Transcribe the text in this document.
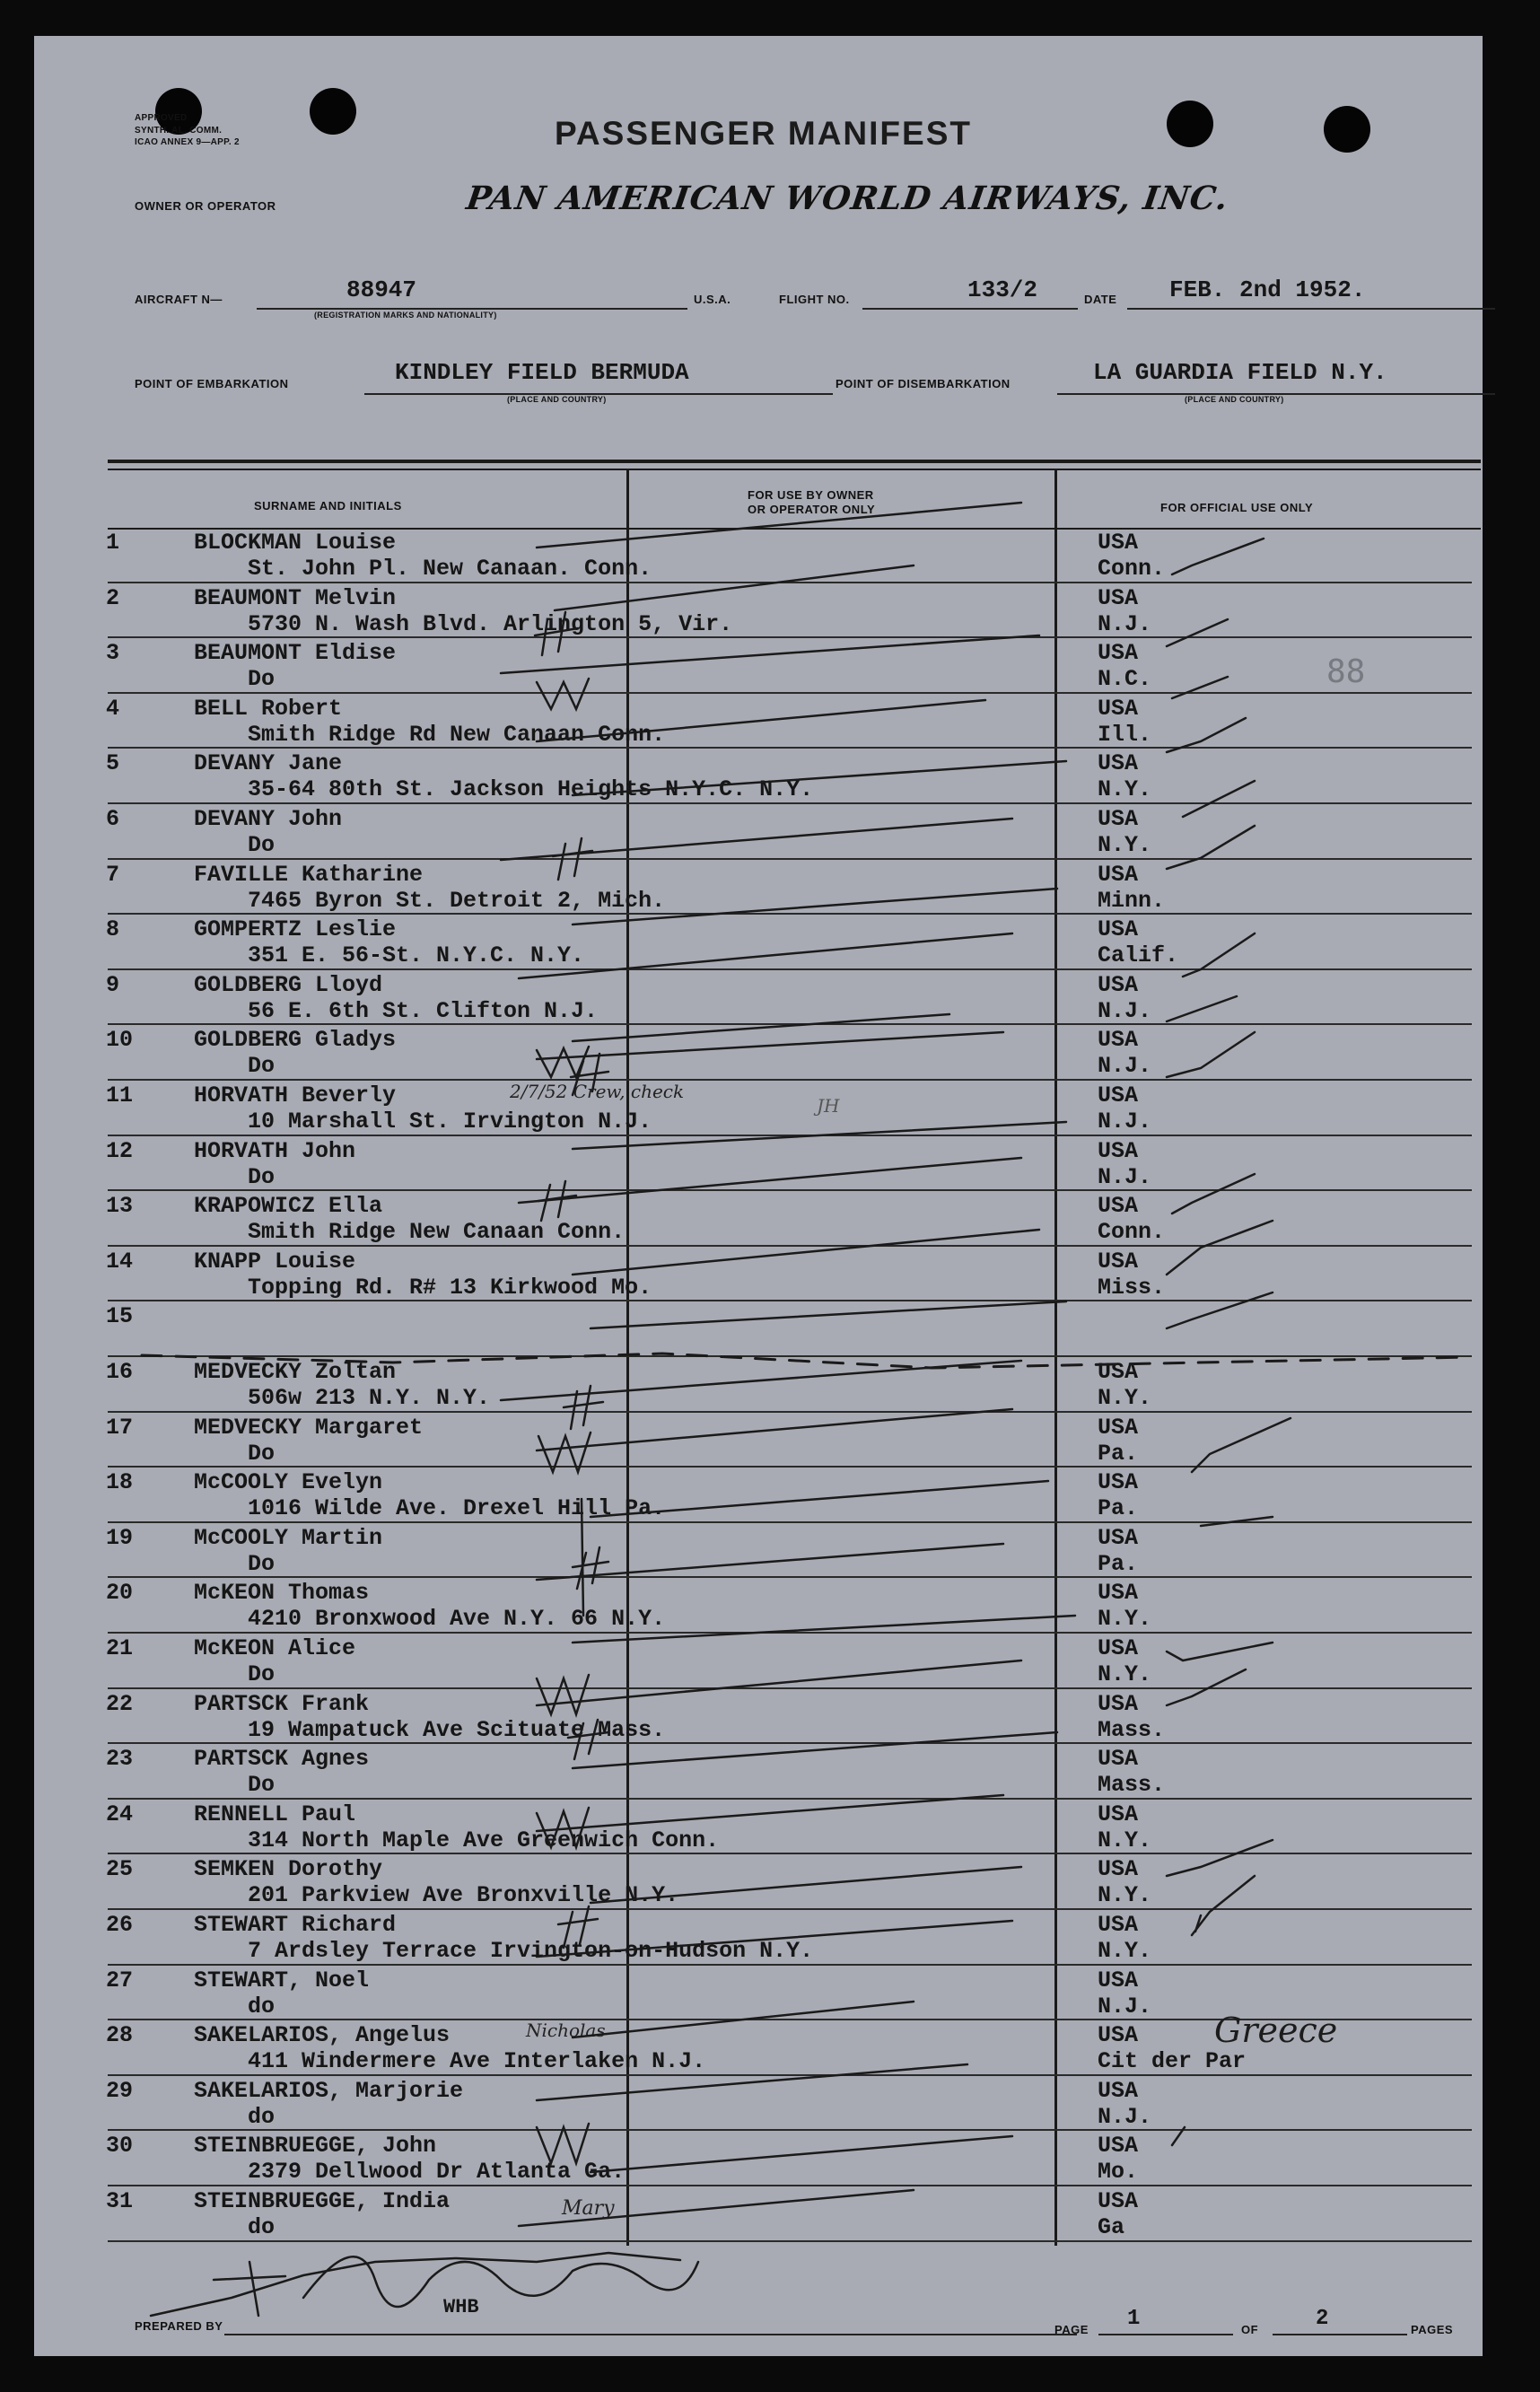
APPROVED
SYNTH. AL. COMM.
ICAO ANNEX 9—APP. 2	PASSENGER MANIFEST
OWNER OR OPERATOR	PAN AMERICAN WORLD AIRWAYS, INC.
AIRCRAFT N—	88947
(REGISTRATION MARKS AND NATIONALITY)
U.S.A.	FLIGHT NO.	133/2	DATE FEB. 2nd 1952.
POINT OF EMBARKATION	KINDLEY FIELD BERMUDA
(PLACE AND COUNTRY)
POINT OF DISEMBARKATION	LA GUARDIA FIELD N.Y.
(PLACE AND COUNTRY)
SURNAME AND INITIALS
FOR USE BY OWNER
OR OPERATOR ONLY	FOR OFFICIAL USE ONLY
1	BLOCKMAN Louise
St. John Pl. New Canaan. Conn.
USA
Conn.
2	BEAUMONT Melvin
5730 N. Wash Blvd. Arlington 5, Vir.
USA
N.J.
3	BEAUMONT Eldise
Do
USA
N.C.
4	BELL Robert
Smith Ridge Rd New Canaan Conn.
USA
Ill.
5	DEVANY Jane
35-64 80th St. Jackson Heights N.Y.C. N.Y.
USA
N.Y.
6	DEVANY John
Do
USA
N.Y.
7	FAVILLE Katharine
7465 Byron St. Detroit 2, Mich.
USA
Minn.
8	GOMPERTZ Leslie
351 E. 56-St. N.Y.C. N.Y.
USA
Calif.
9	GOLDBERG Lloyd
56 E. 6th St. Clifton N.J.
USA
N.J.
10	GOLDBERG Gladys
Do
USA
N.J.
11	HORVATH Beverly
10 Marshall St. Irvington N.J.
USA
N.J.
12	HORVATH John
Do
USA
N.J.
13	KRAPOWICZ Ella
Smith Ridge New Canaan Conn.
USA
Conn.
14	KNAPP Louise
Topping Rd. R# 13 Kirkwood Mo.
USA
Miss.
15
16	MEDVECKY Zoltan
506w 213 N.Y. N.Y.
USA
N.Y.
17	MEDVECKY Margaret
Do
USA
Pa.
18	McCOOLY Evelyn
1016 Wilde Ave. Drexel Hill Pa.
USA
Pa.
19	McCOOLY Martin
Do
USA
Pa.
20	McKEON Thomas
4210 Bronxwood Ave N.Y. 66 N.Y.
USA
N.Y.
21	McKEON Alice
Do
USA
N.Y.
22	PARTSCK Frank
19 Wampatuck Ave Scituate Mass.
USA
Mass.
23	PARTSCK Agnes
Do
USA
Mass.
24	RENNELL Paul
314 North Maple Ave Greenwich Conn.
USA
N.Y.
25	SEMKEN Dorothy
201 Parkview Ave Bronxville N.Y.
USA
N.Y.
26	STEWART Richard
7 Ardsley Terrace Irvington-on-Hudson N.Y.
USA
N.Y.
27	STEWART, Noel
do
USA
N.J.
28	SAKELARIOS, Angelus
411 Windermere Ave Interlaken N.J.
USA
Cit der Par
29	SAKELARIOS, Marjorie
do
USA
N.J.
30	STEINBRUEGGE, John
2379 Dellwood Dr Atlanta Ga.
USA
Mo.
31	STEINBRUEGGE, India
do
USA
Ga
88
2/7/52 Crew, check
JH
Greece
Nicholas
Mary
PREPARED BY
WHB
PAGE 1	OF	2	PAGES
